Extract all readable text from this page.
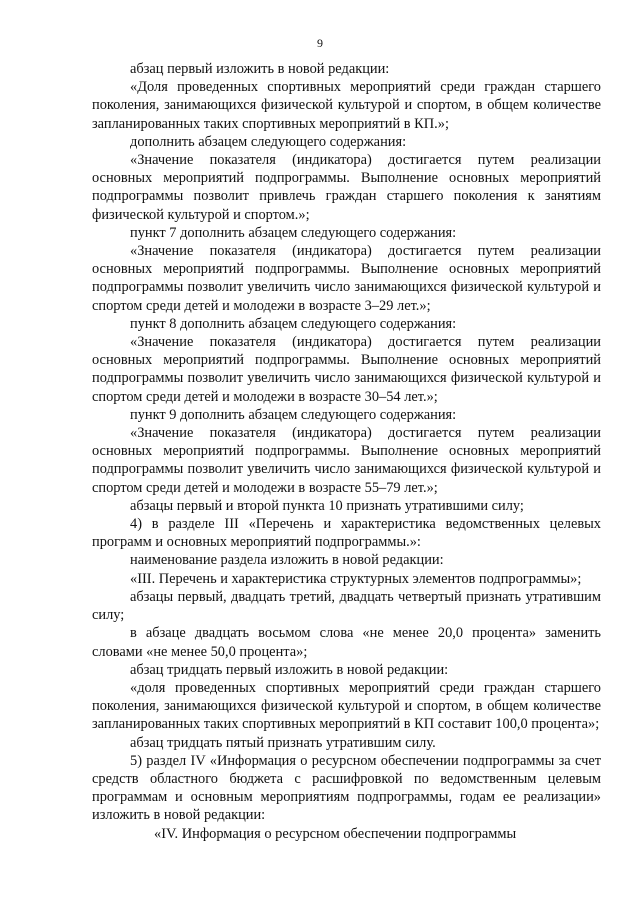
9

абзац первый изложить в новой редакции:

«Доля проведенных спортивных мероприятий среди граждан старшего поколения, занимающихся физической культурой и спортом, в общем количестве запланированных таких спортивных мероприятий в КП.»;

дополнить абзацем следующего содержания:

«Значение показателя (индикатора) достигается путем реализации основных мероприятий подпрограммы. Выполнение основных мероприятий подпрограммы позволит привлечь граждан старшего поколения к занятиям физической культурой и спортом.»;

пункт 7 дополнить абзацем следующего содержания:

«Значение показателя (индикатора) достигается путем реализации основных мероприятий подпрограммы. Выполнение основных мероприятий подпрограммы позволит увеличить число занимающихся физической культурой и спортом среди детей и молодежи в возрасте 3–29 лет.»;

пункт 8 дополнить абзацем следующего содержания:

«Значение показателя (индикатора) достигается путем реализации основных мероприятий подпрограммы. Выполнение основных мероприятий подпрограммы позволит увеличить число занимающихся физической культурой и спортом среди детей и молодежи в возрасте 30–54 лет.»;

пункт 9 дополнить абзацем следующего содержания:

«Значение показателя (индикатора) достигается путем реализации основных мероприятий подпрограммы. Выполнение основных мероприятий подпрограммы позволит увеличить число занимающихся физической культурой и спортом среди детей и молодежи в возрасте 55–79 лет.»;

абзацы первый и второй пункта 10 признать утратившими силу;

4) в разделе III «Перечень и характеристика ведомственных целевых программ и основных мероприятий подпрограммы.»:

наименование раздела изложить в новой редакции:

«III. Перечень и характеристика структурных элементов подпрограммы»;

абзацы первый, двадцать третий, двадцать четвертый признать утратившим силу;

в абзаце двадцать восьмом слова «не менее 20,0 процента» заменить словами «не менее 50,0 процента»;

абзац тридцать первый изложить в новой редакции:

«доля проведенных спортивных мероприятий среди граждан старшего поколения, занимающихся физической культурой и спортом, в общем количестве запланированных таких спортивных мероприятий в КП составит 100,0 процента»;

абзац тридцать пятый признать утратившим силу.

5) раздел IV «Информация о ресурсном обеспечении подпрограммы за счет средств областного бюджета с расшифровкой по ведомственным целевым программам и основным мероприятиям подпрограммы, годам ее реализации» изложить в новой редакции:

«IV. Информация о ресурсном обеспечении подпрограммы
